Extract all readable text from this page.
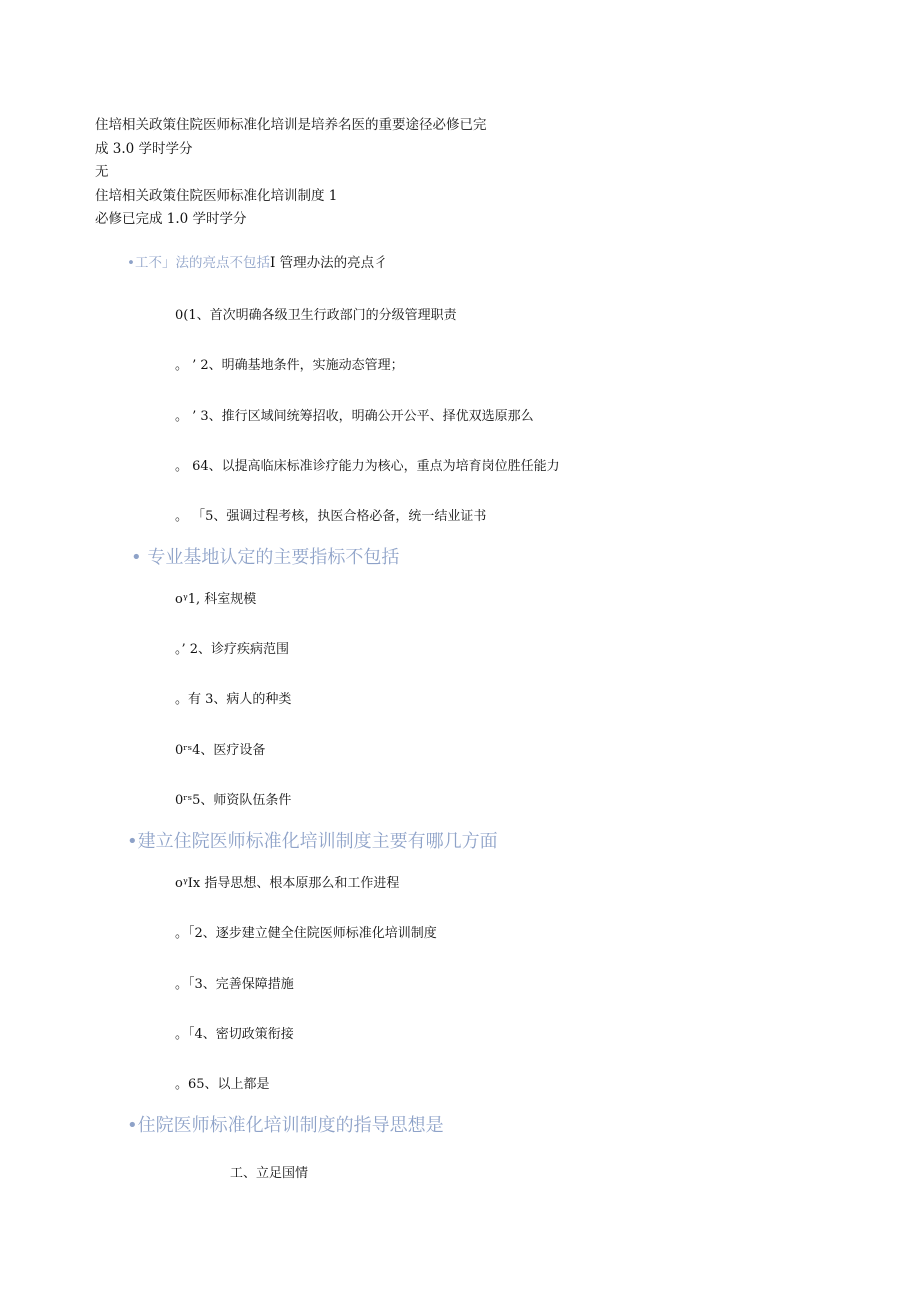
住培相关政策住院医师标准化培训是培养名医的重要途径必修已完
成 3.0 学时学分
无
住培相关政策住院医师标准化培训制度 1
必修已完成 1.0 学时学分
•工不」法的亮点不包括I 管理办法的亮点彳
0(1、首次明确各级卫生行政部门的分级管理职责
。 ’ 2、明确基地条件，实施动态管理；
。 ’ 3、推行区域间统筹招收，明确公开公平、择优双选原那么
。 64、以提高临床标准诊疗能力为核心，重点为培育岗位胜任能力
。 「5、强调过程考核，执医合格必备，统一结业证书
• 专业基地认定的主要指标不包括
oᵞ1, 科室规模
。’ 2、诊疗疾病范围
。有 3、病人的种类
0ʳˢ4、医疗设备
0ʳˢ5、师资队伍条件
•建立住院医师标准化培训制度主要有哪几方面
oᵞIx 指导思想、根本原那么和工作进程
。「2、逐步建立健全住院医师标准化培训制度
。「3、完善保障措施
。「4、密切政策衔接
。65、以上都是
•住院医师标准化培训制度的指导思想是
工、立足国情
